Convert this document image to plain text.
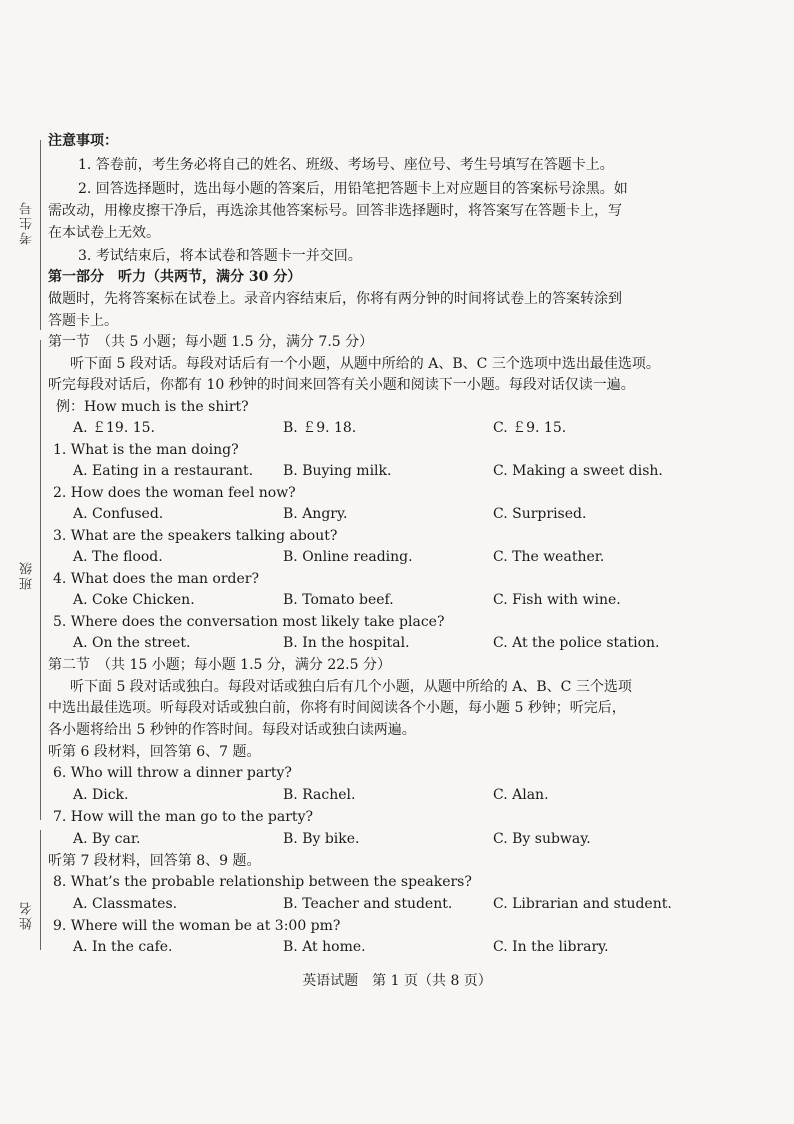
考生号
班级
姓名
注意事项：
1. 答卷前，考生务必将自己的姓名、班级、考场号、座位号、考生号填写在答题卡上。
2. 回答选择题时，选出每小题的答案后，用铅笔把答题卡上对应题目的答案标号涂黑。如
需改动，用橡皮擦干净后，再选涂其他答案标号。回答非选择题时，将答案写在答题卡上，写
在本试卷上无效。
3. 考试结束后，将本试卷和答题卡一并交回。
第一部分　听力（共两节，满分 30 分）
做题时，先将答案标在试卷上。录音内容结束后，你将有两分钟的时间将试卷上的答案转涂到
答题卡上。
第一节　（共 5 小题；每小题 1.5 分，满分 7.5 分）
听下面 5 段对话。每段对话后有一个小题，从题中所给的 A、B、C 三个选项中选出最佳选项。
听完每段对话后，你都有 10 秒钟的时间来回答有关小题和阅读下一小题。每段对话仅读一遍。
例：How much is the shirt?
A. ￡19. 15.	B. ￡9. 18.	C. ￡9. 15.
1. What is the man doing?
A. Eating in a restaurant. B. Buying milk.	C. Making a sweet dish.
2. How does the woman feel now?
A. Confused.	B. Angry.	C. Surprised.
3. What are the speakers talking about?
A. The flood.	B. Online reading.	C. The weather.
4. What does the man order?
A. Coke Chicken.	B. Tomato beef.	C. Fish with wine.
5. Where does the conversation most likely take place?
A. On the street.	B. In the hospital.	C. At the police station.
第二节　（共 15 小题；每小题 1.5 分，满分 22.5 分）
听下面 5 段对话或独白。每段对话或独白后有几个小题，从题中所给的 A、B、C 三个选项
中选出最佳选项。听每段对话或独白前，你将有时间阅读各个小题，每小题 5 秒钟；听完后，
各小题将给出 5 秒钟的作答时间。每段对话或独白读两遍。
听第 6 段材料，回答第 6、7 题。
6. Who will throw a dinner party?
A. Dick.	B. Rachel.	C. Alan.
7. How will the man go to the party?
A. By car.	B. By bike.	C. By subway.
听第 7 段材料，回答第 8、9 题。
8. What’s the probable relationship between the speakers?
A. Classmates.	B. Teacher and student.	C. Librarian and student.
9. Where will the woman be at 3:00 pm?
A. In the cafe.	B. At home.	C. In the library.
英语试题　第 1 页（共 8 页）
